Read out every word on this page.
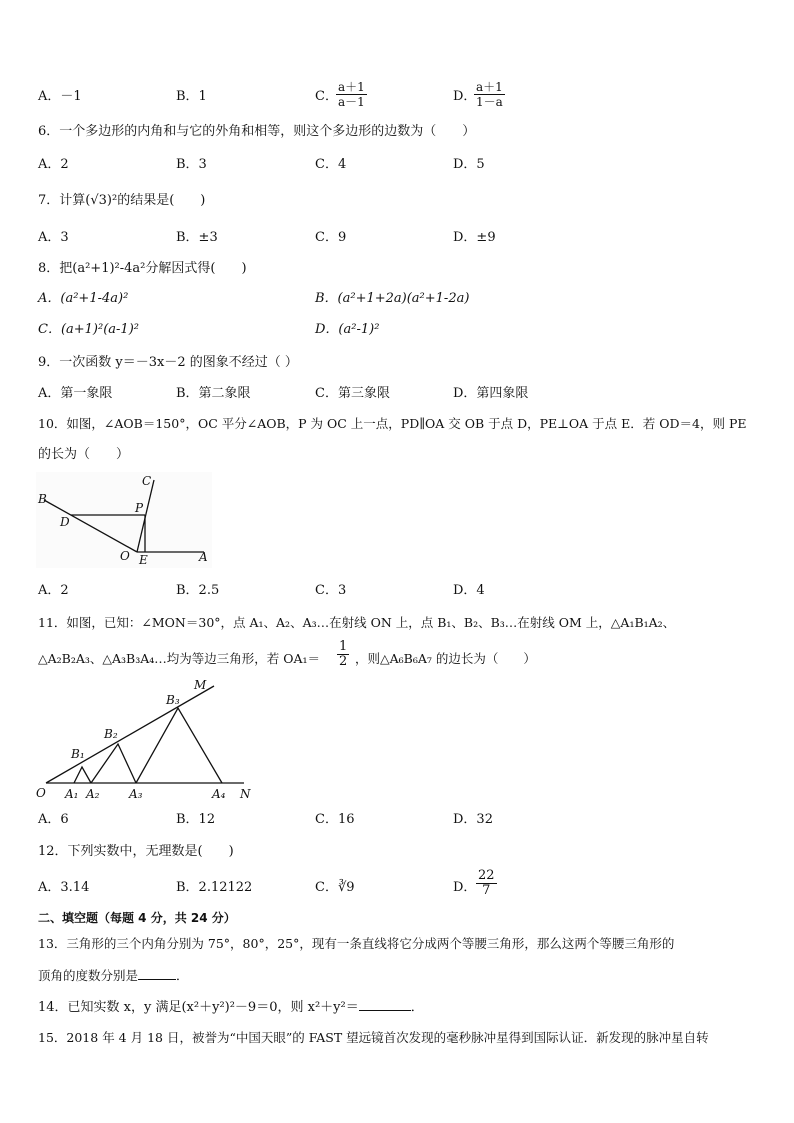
A．－1	B．1	C．
$\frac{a+1}{a-1}$	D．
$\frac{a+1}{1-a}$
6．一个多边形的内角和与它的外角和相等，则这个多边形的边数为（　　）
A．2	B．3	C．4	D．5
7．计算(√3)²的结果是(　　)
A．3	B．±3	C．9	D．±9
8．把(a²+1)²-4a²分解因式得(　　)
A．(a²+1-4a)²	B．(a²+1+2a)(a²+1-2a)
C．(a+1)²(a-1)²	D．(a²-1)²
9．一次函数 y＝－3x－2 的图象不经过（ ）
A．第一象限	B．第二象限	C．第三象限	D．第四象限
10．如图，∠AOB＝150°，OC 平分∠AOB，P 为 OC 上一点，PD∥OA 交 OB 于点 D，PE⊥OA 于点 E．若 OD＝4，则 PE
的长为（　　）
B
D
C
P
O E	A
A．2	B．2.5	C．3	D．4
11．如图，已知：∠MON＝30°，点 A₁、A₂、A₃…在射线 ON 上，点 B₁、B₂、B₃…在射线 OM 上，△A₁B₁A₂、
△A₂B₂A₃、△A₃B₃A₄…均为等边三角形，若 $OA_1= \frac{1}{2}$ ，则△A₆B₆A₇ 的边长为（　　）
M
N
O
B₁
B₂
B₃
A₁ A₂ A₃	A₄
A．6	B．12	C．16	D．32
12．下列实数中，无理数是(　　)
A．3.14	B．2.12122	C．∛9	D． $\frac{22}{7}$
二、填空题（每题 4 分，共 24 分）
13．三角形的三个内角分别为 75°，80°，25°，现有一条直线将它分成两个等腰三角形，那么这两个等腰三角形的
顶角的度数分别是	．
14．已知实数 x，y 满足(x²＋y²)²－9＝0，则 x²＋y²＝	．
15．2018 年 4 月 18 日，被誉为“中国天眼”的 FAST 望远镜首次发现的毫秒脉冲星得到国际认证．新发现的脉冲星自转
